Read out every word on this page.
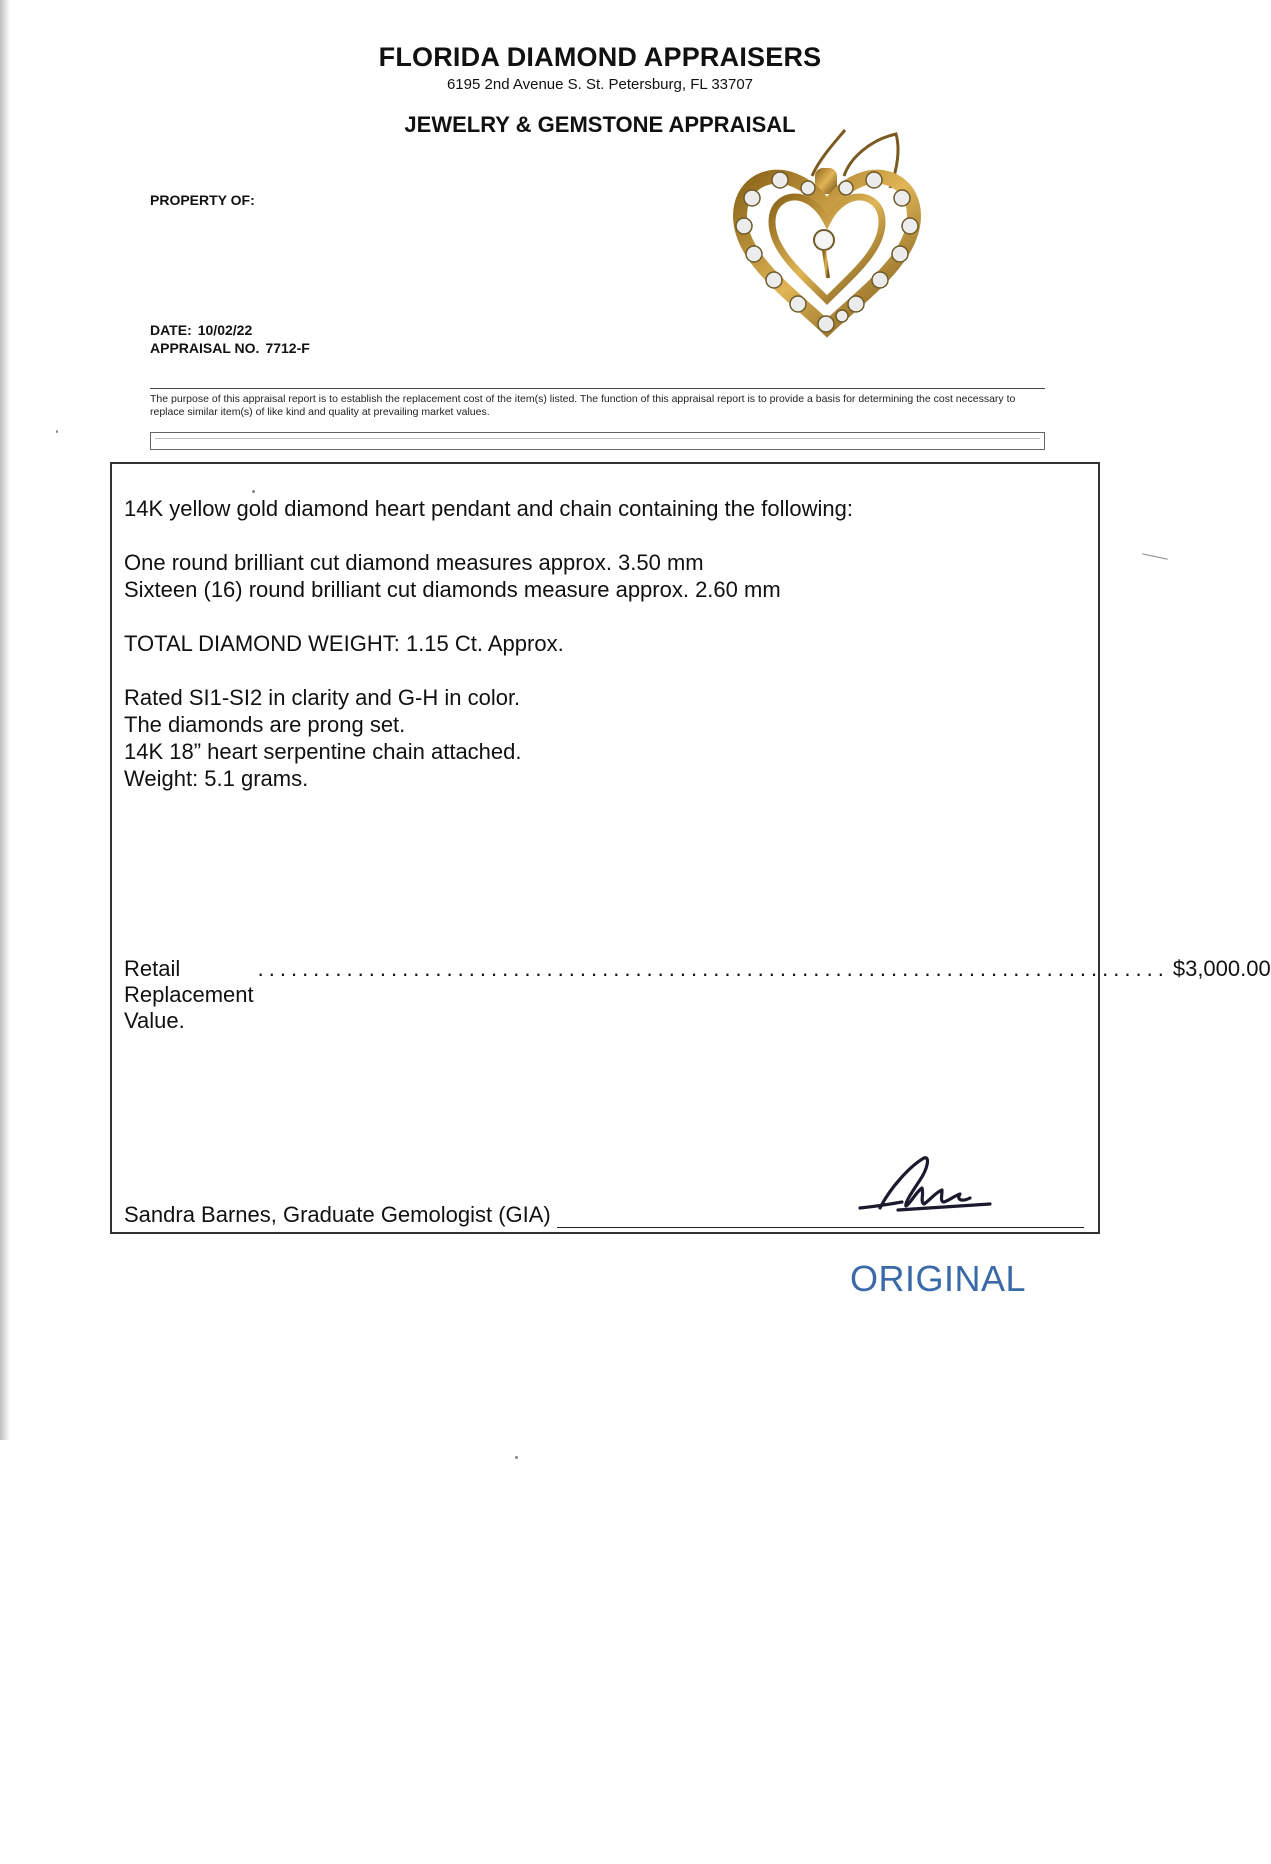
FLORIDA DIAMOND APPRAISERS
6195 2nd Avenue S. St. Petersburg, FL 33707
JEWELRY & GEMSTONE APPRAISAL
PROPERTY OF:
DATE: 10/02/22
APPRAISAL NO. 7712-F
The purpose of this appraisal report is to establish the replacement cost of the item(s) listed. The function of this appraisal report is to provide a basis for determining the cost necessary to replace similar item(s) of like kind and quality at prevailing market values.
14K yellow gold diamond heart pendant and chain containing the following:
One round brilliant cut diamond measures approx. 3.50 mm
Sixteen (16) round brilliant cut diamonds measure approx. 2.60 mm
TOTAL DIAMOND WEIGHT: 1.15 Ct. Approx.
Rated SI1-SI2 in clarity and G-H in color.
The diamonds are prong set.
14K 18” heart serpentine chain attached.
Weight: 5.1 grams.
Retail Replacement Value.
.................................................................................. $3,000.00
Sandra Barnes, Graduate Gemologist (GIA)
ORIGINAL
